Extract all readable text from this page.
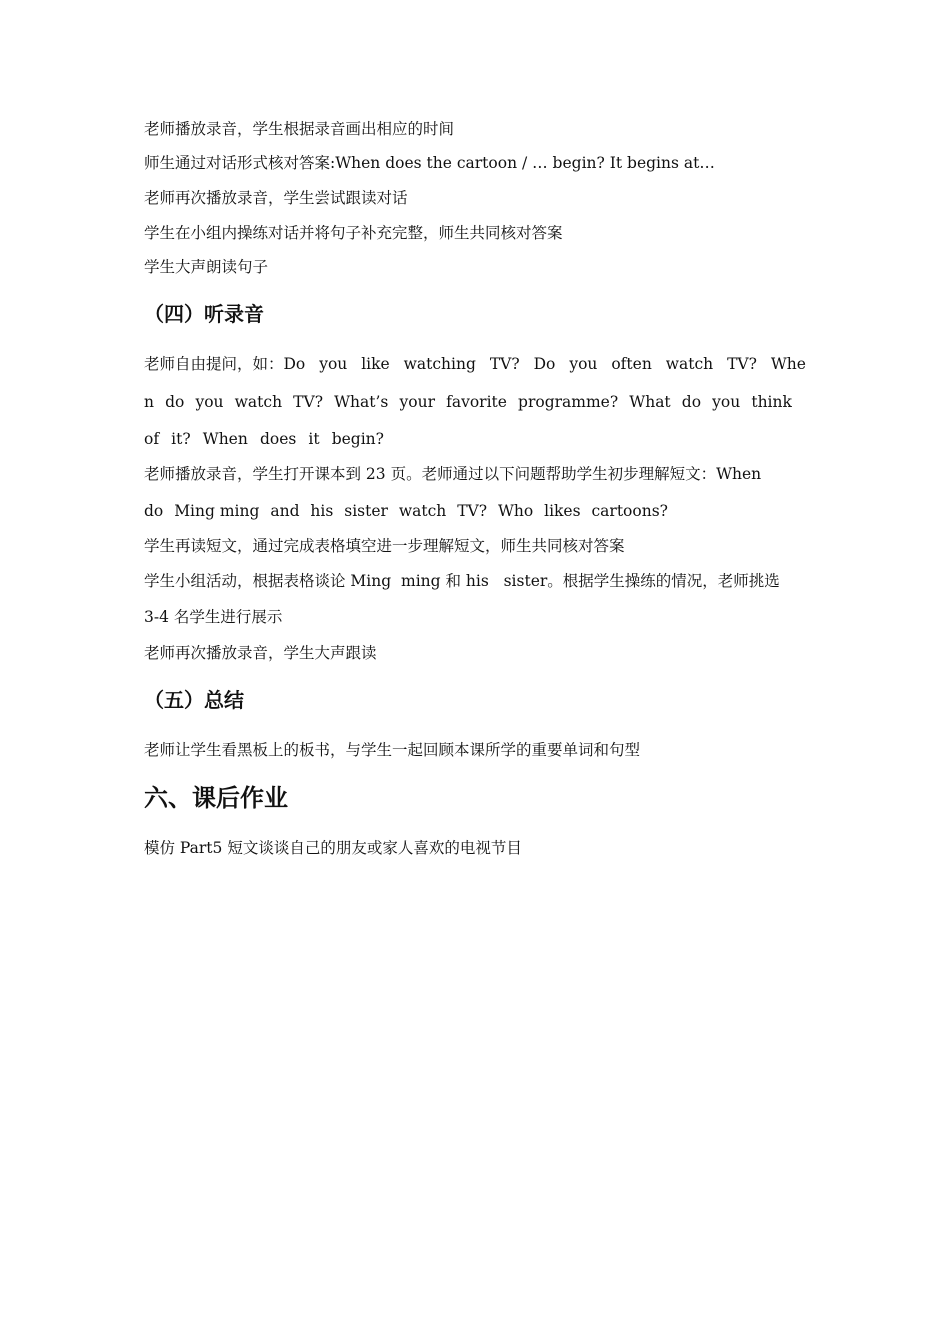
老师播放录音，学生根据录音画出相应的时间
师生通过对话形式核对答案:When does the cartoon / … begin? It begins at…
老师再次播放录音，学生尝试跟读对话
学生在小组内操练对话并将句子补充完整，师生共同核对答案
学生大声朗读句子
（四）听录音
老师自由提问，如：Do you like watching TV? Do you often watch TV? Whe
n do you watch TV? What’s your favorite programme? What do you think
of it? When does it begin?
老师播放录音，学生打开课本到 23 页。老师通过以下问题帮助学生初步理解短文：When
do Ming ming and his sister watch TV? Who likes cartoons?
学生再读短文，通过完成表格填空进一步理解短文，师生共同核对答案
学生小组活动，根据表格谈论 Ming  ming 和 his   sister。根据学生操练的情况，老师挑选
3-4 名学生进行展示
老师再次播放录音，学生大声跟读
（五）总结
老师让学生看黑板上的板书，与学生一起回顾本课所学的重要单词和句型
六、课后作业
模仿 Part5 短文谈谈自己的朋友或家人喜欢的电视节目
